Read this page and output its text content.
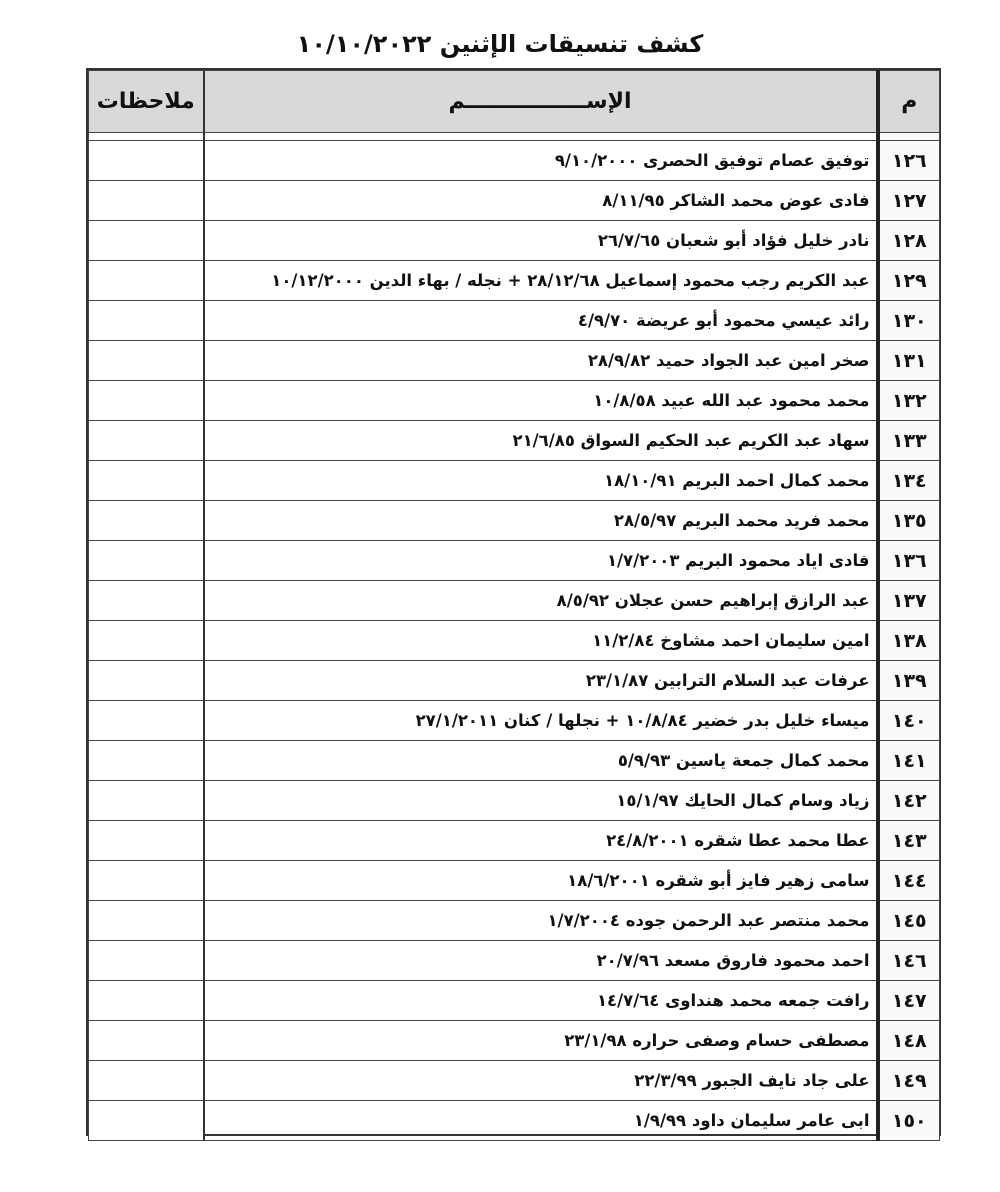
كشف تنسيقات الإثنين ١٠/١٠/٢٠٢٢
م	الإســــــــــــــــم	ملاحظات

١٢٦	توفيق عصام توفيق الحصرى ٩/١٠/٢٠٠٠	
١٢٧	فادى عوض محمد الشاكر ٨/١١/٩٥	
١٢٨	نادر خليل فؤاد أبو شعبان ٢٦/٧/٦٥	
١٢٩	عبد الكريم رجب محمود إسماعيل ٢٨/١٢/٦٨ + نجله / بهاء الدين ١٠/١٢/٢٠٠٠	
١٣٠	رائد عيسي محمود أبو عريضة ٤/٩/٧٠	
١٣١	صخر امين عبد الجواد حميد ٢٨/٩/٨٢	
١٣٢	محمد محمود عبد الله عبيد ١٠/٨/٥٨	
١٣٣	سهاد عبد الكريم عبد الحكيم السواق ٢١/٦/٨٥	
١٣٤	محمد كمال احمد البريم ١٨/١٠/٩١	
١٣٥	محمد فريد محمد البريم ٢٨/٥/٩٧	
١٣٦	فادى اياد محمود البريم ١/٧/٢٠٠٣	
١٣٧	عبد الرازق إبراهيم حسن عجلان ٨/٥/٩٢	
١٣٨	امين سليمان احمد مشاوخ ١١/٢/٨٤	
١٣٩	عرفات عبد السلام الترابين ٢٣/١/٨٧	
١٤٠	ميساء خليل بدر خضير ١٠/٨/٨٤ + نجلها / كنان ٢٧/١/٢٠١١	
١٤١	محمد كمال جمعة ياسين ٥/٩/٩٣	
١٤٢	زياد وسام كمال الحايك ١٥/١/٩٧	
١٤٣	عطا محمد عطا شقره ٢٤/٨/٢٠٠١	
١٤٤	سامى زهير فايز أبو شقره ١٨/٦/٢٠٠١	
١٤٥	محمد منتصر عبد الرحمن جوده ١/٧/٢٠٠٤	
١٤٦	احمد محمود فاروق مسعد ٢٠/٧/٩٦	
١٤٧	رافت جمعه محمد هنداوى ١٤/٧/٦٤	
١٤٨	مصطفى حسام وصفى حراره ٢٣/١/٩٨	
١٤٩	على جاد نايف الجبور ٢٢/٣/٩٩	
١٥٠	ابى عامر سليمان داود ١/٩/٩٩	
